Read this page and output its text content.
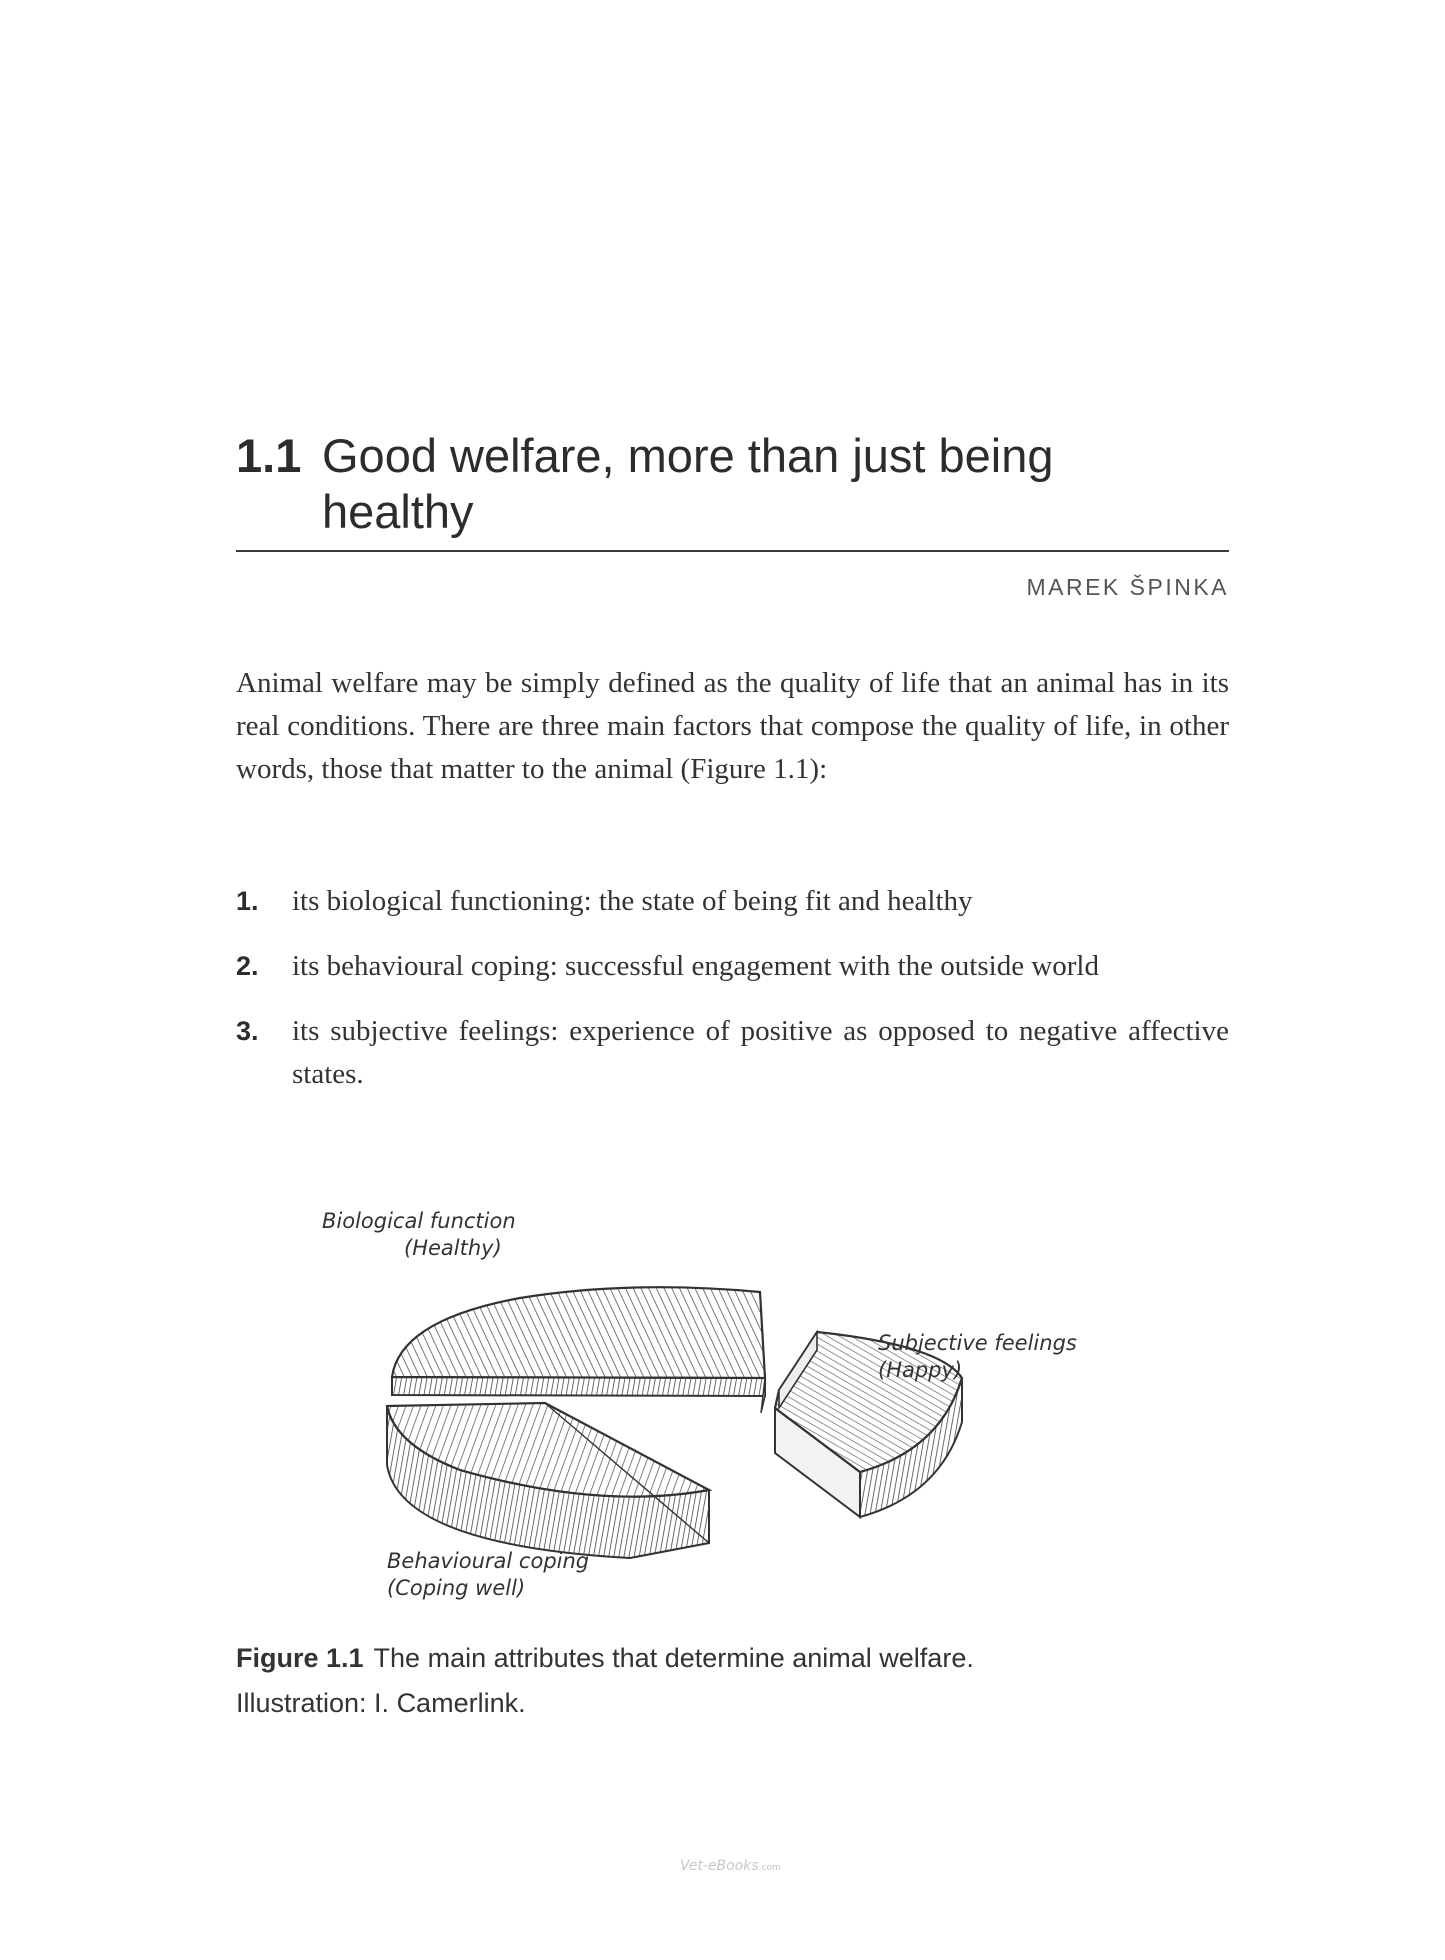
1.1 Good welfare, more than just being healthy
MAREK ŠPINKA

Animal welfare may be simply defined as the quality of life that an animal has in its real conditions. There are three main factors that compose the quality of life, in other words, those that matter to the animal (Figure 1.1):

1. its biological functioning: the state of being fit and healthy
2. its behavioural coping: successful engagement with the outside world
3. its subjective feelings: experience of positive as opposed to negative affective states.
Biological function
(Healthy)
Subjective feelings
(Happy)
Behavioural coping
(Coping well)
Figure 1.1 The main attributes that determine animal welfare.
Illustration: I. Camerlink.
Vet-eBooks.com
